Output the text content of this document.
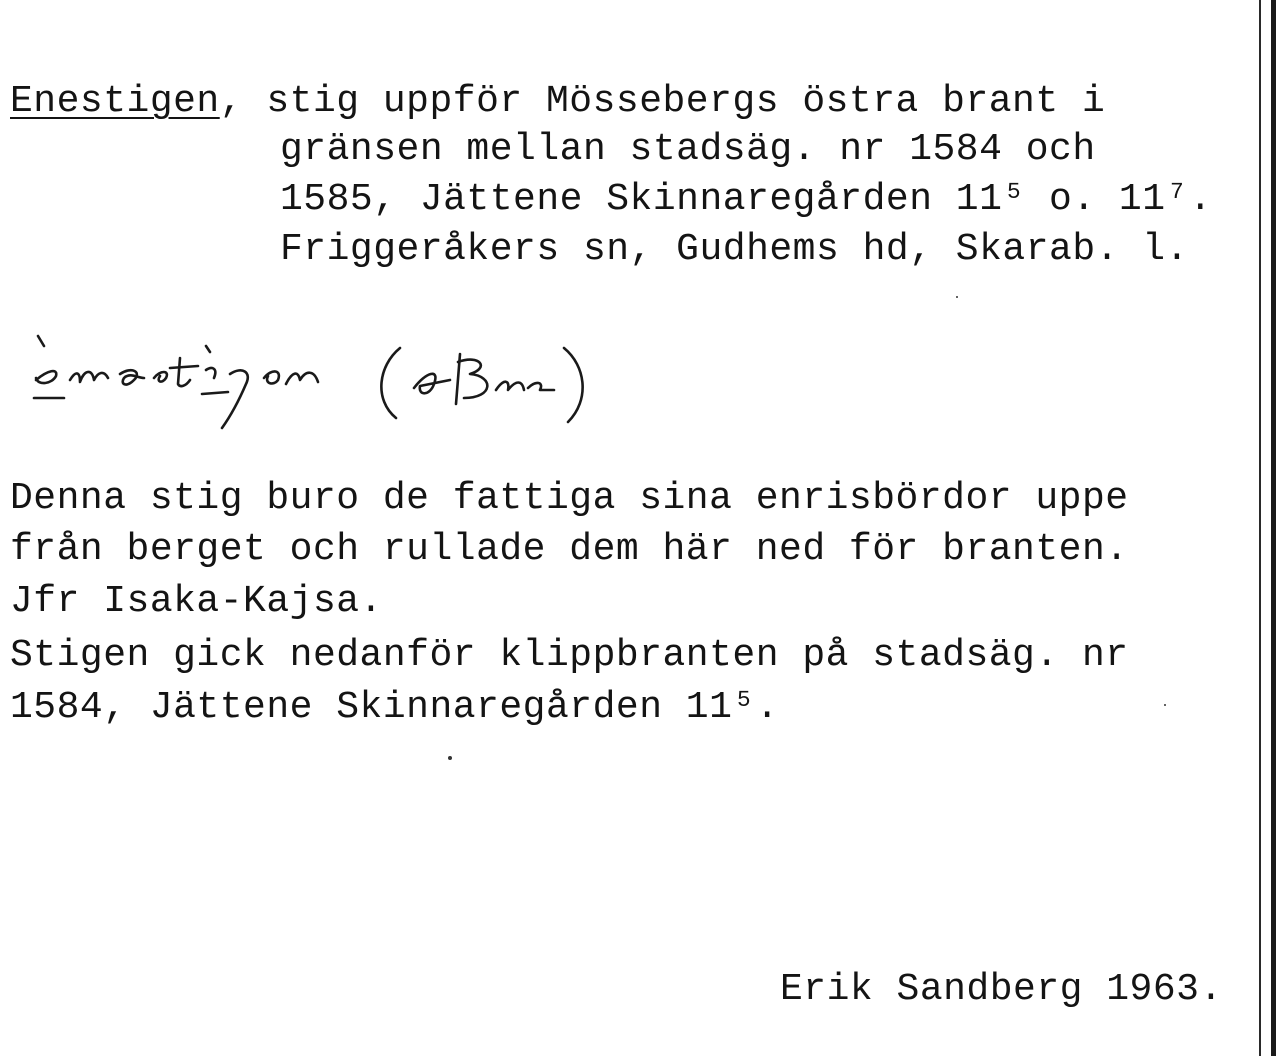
Enestigen, stig uppför Mössebergs östra brant i
gränsen mellan stadsäg. nr 1584 och
1585, Jättene Skinnaregården 11⁵ o. 11⁷.
Friggeråkers sn, Gudhems hd, Skarab. l.
Denna stig buro de fattiga sina enrisbördor uppe
från berget och rullade dem här ned för branten.
Jfr Isaka-Kajsa.
Stigen gick nedanför klippbranten på stadsäg. nr
1584, Jättene Skinnaregården 11⁵.
Erik Sandberg 1963.
